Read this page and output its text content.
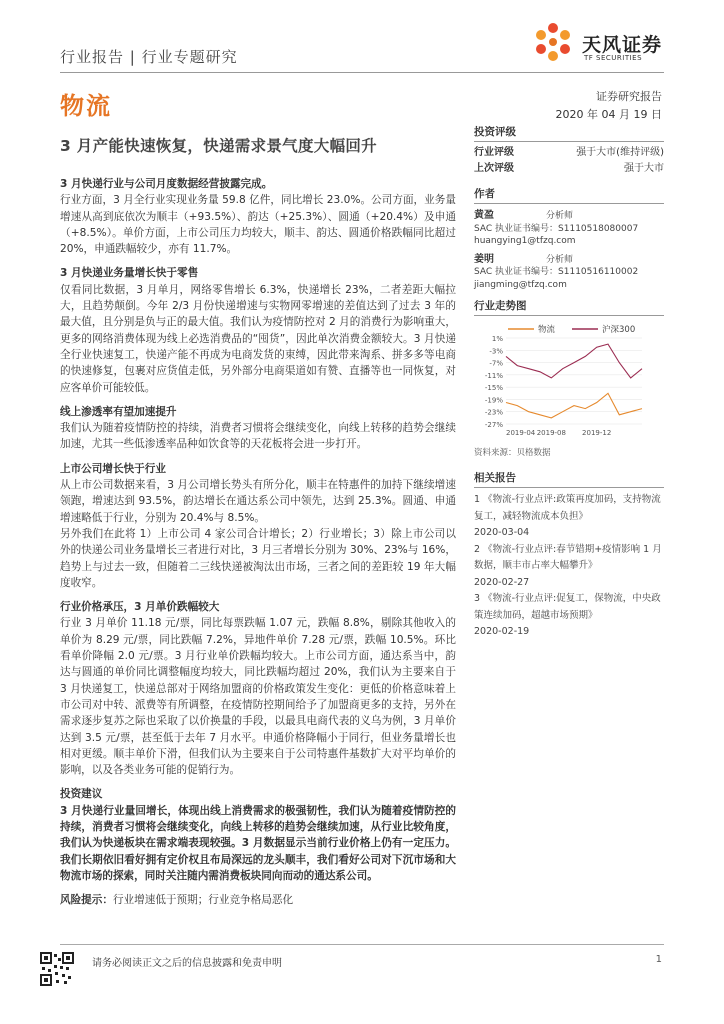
行业报告 | 行业专题研究
天风证券
TF SECURITIES
物流	证券研究报告
2020 年 04 月 19 日
3 月产能快速恢复，快递需求景气度大幅回升
3 月快递行业与公司月度数据经营披露完成。

行业方面，3 月全行业实现业务量 59.8 亿件，同比增长 23.0%。公司方面，业务量增速从高到底依次为顺丰（+93.5%）、韵达（+25.3%）、圆通（+20.4%）及申通（+8.5%）。单价方面，上市公司压力均较大，顺丰、韵达、圆通价格跌幅同比超过 20%，申通跌幅较少，亦有 11.7%。

3 月快递业务量增长快于零售

仅看同比数据，3 月单月，网络零售增长 6.3%，快递增长 23%，二者差距大幅拉大，且趋势颠倒。今年 2/3 月份快递增速与实物网零增速的差值达到了过去 3 年的最大值，且分别是负与正的最大值。我们认为疫情防控对 2 月的消费行为影响重大，更多的网络消费体现为线上必选消费品的“囤货”，因此单次消费金额较大。3 月快递全行业快速复工，快递产能不再成为电商发货的束缚，因此带来淘系、拼多多等电商的快速修复，包裹对应货值走低，另外部分电商渠道如有赞、直播等也一同恢复，对应客单价可能较低。

线上渗透率有望加速提升

我们认为随着疫情防控的持续，消费者习惯将会继续变化，向线上转移的趋势会继续加速，尤其一些低渗透率品种如饮食等的天花板将会进一步打开。

上市公司增长快于行业

从上市公司数据来看，3 月公司增长势头有所分化，顺丰在特惠件的加持下继续增速领跑，增速达到 93.5%，韵达增长在通达系公司中领先，达到 25.3%。圆通、申通增速略低于行业，分别为 20.4%与 8.5%。

另外我们在此将 1）上市公司 4 家公司合计增长；2）行业增长；3）除上市公司以外的快递公司业务量增长三者进行对比，3 月三者增长分别为 30%、23%与 16%，趋势上与过去一致，但随着二三线快递被淘汰出市场，三者之间的差距较 19 年大幅度收窄。

行业价格承压，3 月单价跌幅较大

行业 3 月单价 11.18 元/票，同比每票跌幅 1.07 元，跌幅 8.8%，剔除其他收入的单价为 8.29 元/票，同比跌幅 7.2%，异地件单价 7.28 元/票，跌幅 10.5%。环比看单价降幅 2.0 元/票。3 月行业单价跌幅均较大。上市公司方面，通达系当中，韵达与圆通的单价同比调整幅度均较大，同比跌幅均超过 20%，我们认为主要来自于 3 月快递复工，快递总部对于网络加盟商的价格政策发生变化：更低的价格意味着上市公司对中转、派费等有所调整，在疫情防控期间给予了加盟商更多的支持，另外在需求逐步复苏之际也采取了以价换量的手段，以最具电商代表的义乌为例，3 月单价达到 3.5 元/票，甚至低于去年 7 月水平。申通价格降幅小于同行，但业务量增长也相对更缓。顺丰单价下滑，但我们认为主要来自于公司特惠件基数扩大对平均单价的影响，以及各类业务可能的促销行为。

投资建议

3 月快递行业量回增长，体现出线上消费需求的极强韧性，我们认为随着疫情防控的持续，消费者习惯将会继续变化，向线上转移的趋势会继续加速，从行业比较角度，我们认为快递板块在需求端表现较强。3 月数据显示当前行业价格上仍有一定压力。我们长期依旧看好拥有定价权且布局深远的龙头顺丰，我们看好公司对下沉市场和大物流市场的探索，同时关注随内需消费板块同向而动的通达系公司。

风险提示：行业增速低于预期；行业竞争格局恶化

投资评级
行业评级	强于大市(维持评级)
上次评级	强于大市
作者
黄盈	分析师
SAC 执业证书编号：S1110518080007
huangying1@tfzq.com
姜明	分析师
SAC 执业证书编号：S1110516110002
jiangming@tfzq.com
行业走势图
物流	沪深300
1%
-3%
-7%
-11%
-15%
-19%
-23%
-27%
2019-04 2019-08 2019-12
资料来源：贝格数据
相关报告
1 《物流-行业点评:政策再度加码，支持物流复工，减轻物流成本负担》
2020-03-04
2 《物流-行业点评:春节错期+疫情影响 1 月数据，顺丰市占率大幅攀升》
2020-02-27
3 《物流-行业点评:促复工，保物流，中央政策连续加码，超越市场预期》
2020-02-19
请务必阅读正文之后的信息披露和免责申明	1
